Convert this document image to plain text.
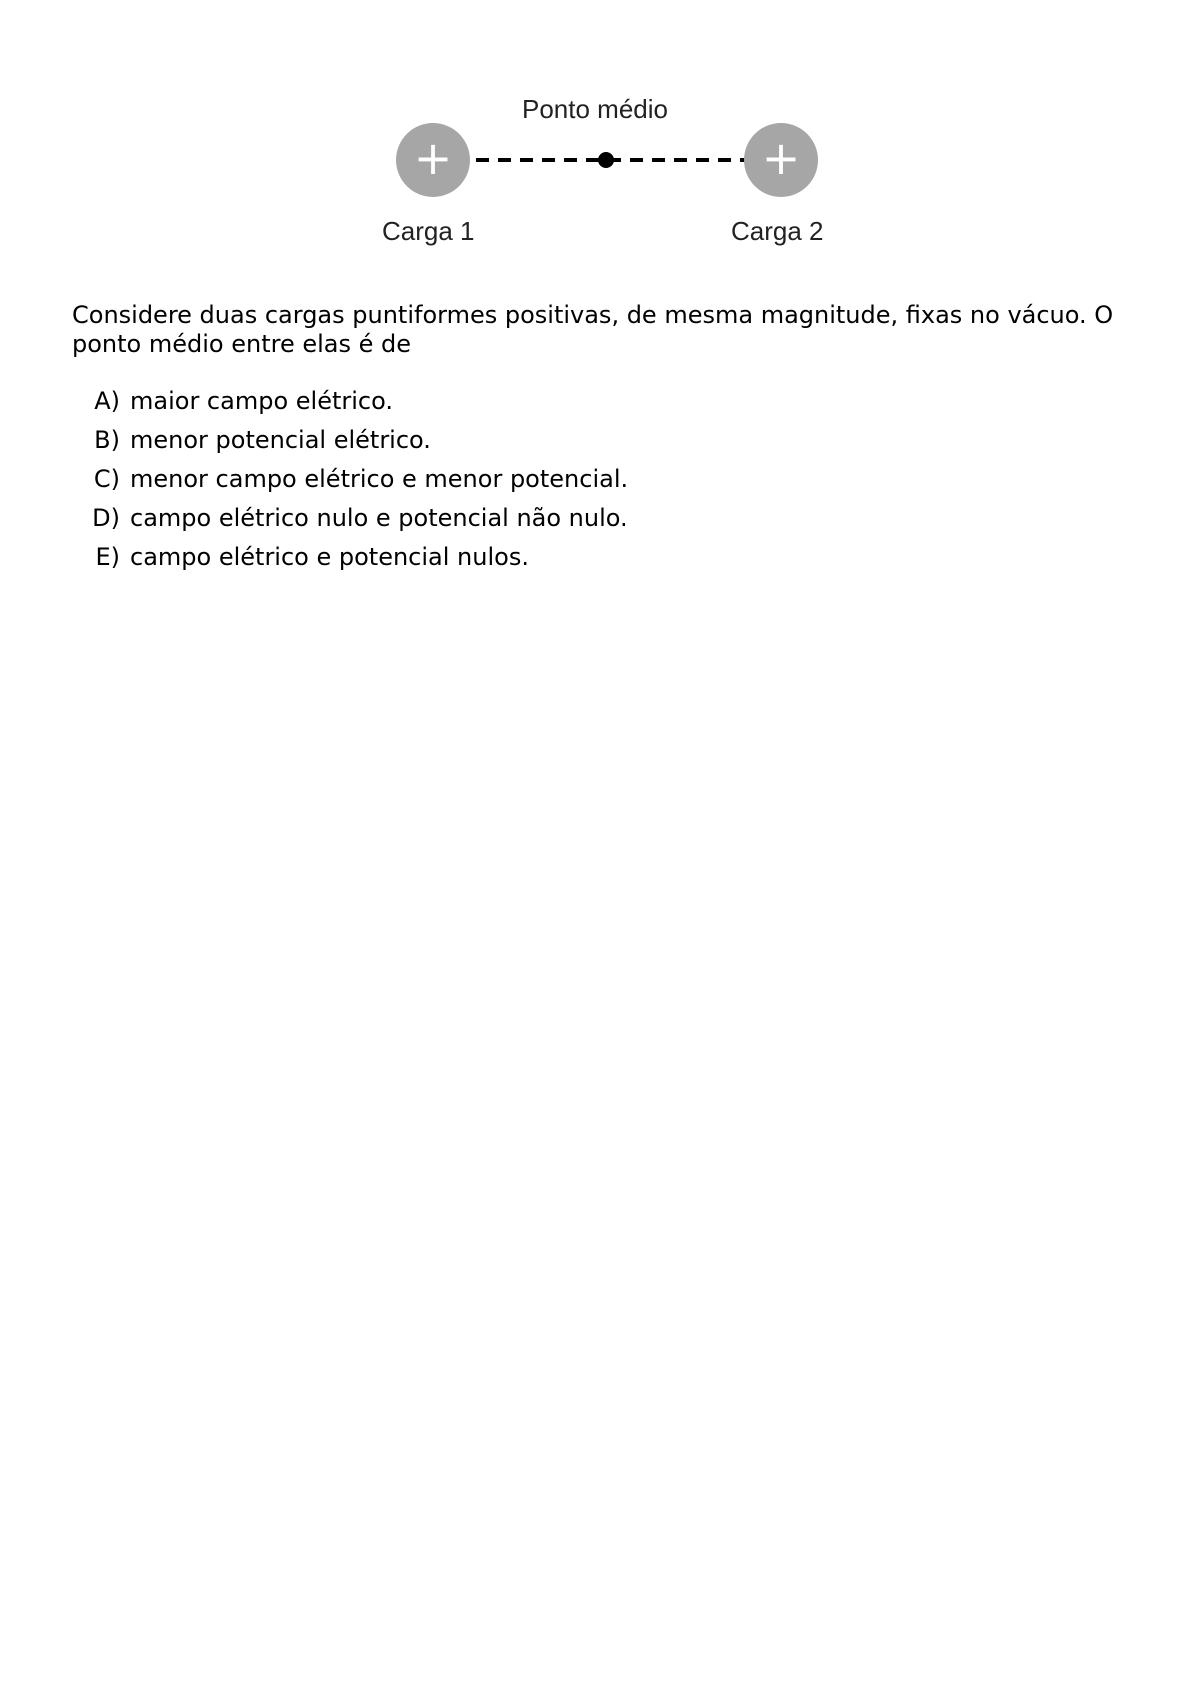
+	+
Ponto médio
Carga 1	Carga 2
Considere duas cargas puntiformes positivas, de mesma magnitude, fixas no vácuo. O ponto médio entre elas é de
A) maior campo elétrico.
B) menor potencial elétrico.
C) menor campo elétrico e menor potencial.
D) campo elétrico nulo e potencial não nulo.
E) campo elétrico e potencial nulos.
